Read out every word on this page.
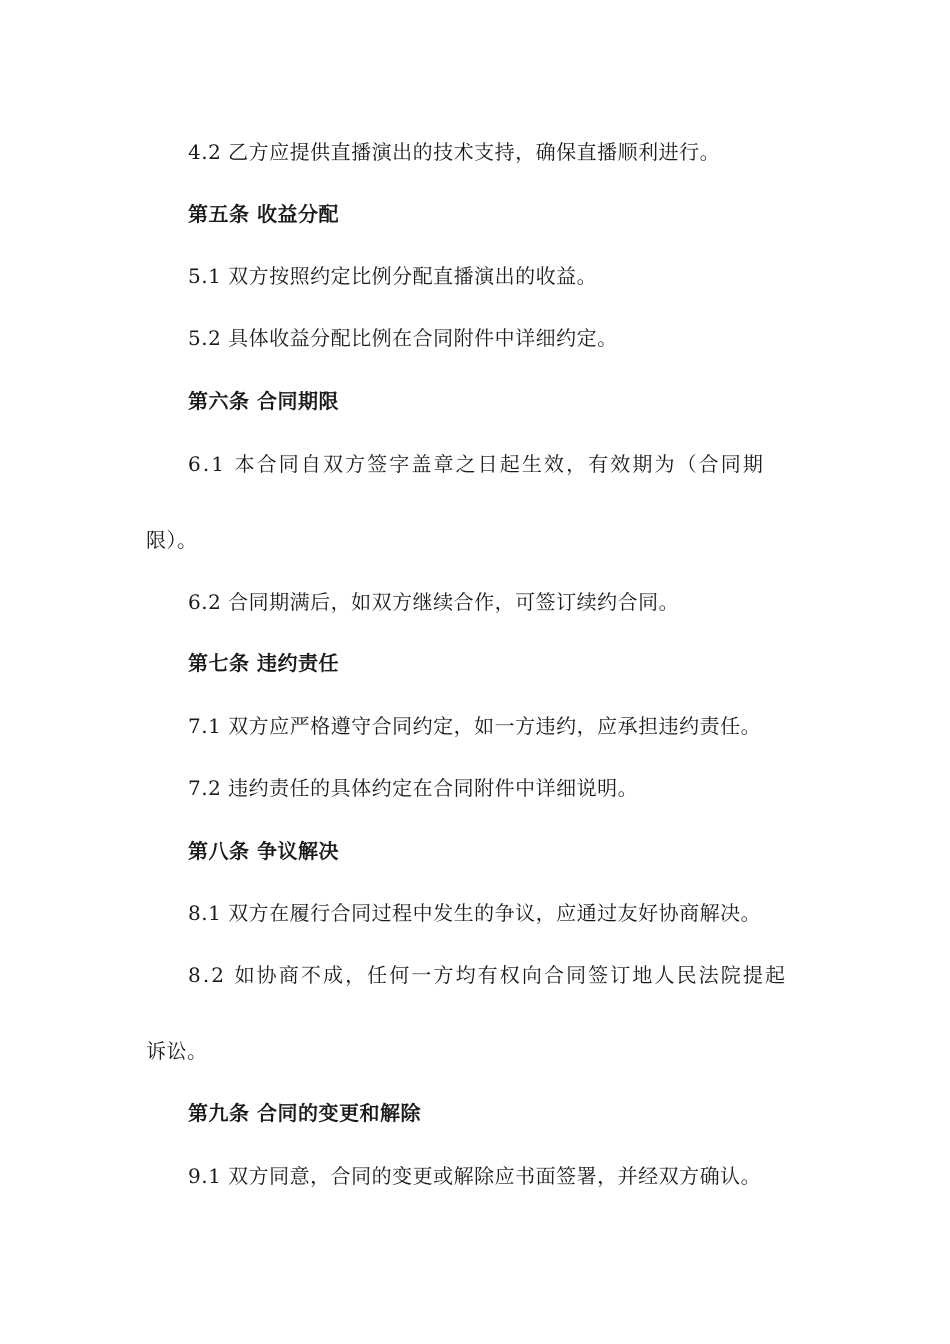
4.2 乙方应提供直播演出的技术支持，确保直播顺利进行。
第五条 收益分配
5.1 双方按照约定比例分配直播演出的收益。
5.2 具体收益分配比例在合同附件中详细约定。
第六条 合同期限
6.1 本合同自双方签字盖章之日起生效，有效期为（合同期
限）。
6.2 合同期满后，如双方继续合作，可签订续约合同。
第七条 违约责任
7.1 双方应严格遵守合同约定，如一方违约，应承担违约责任。
7.2 违约责任的具体约定在合同附件中详细说明。
第八条 争议解决
8.1 双方在履行合同过程中发生的争议，应通过友好协商解决。
8.2 如协商不成，任何一方均有权向合同签订地人民法院提起
诉讼。
第九条 合同的变更和解除
9.1 双方同意，合同的变更或解除应书面签署，并经双方确认。
